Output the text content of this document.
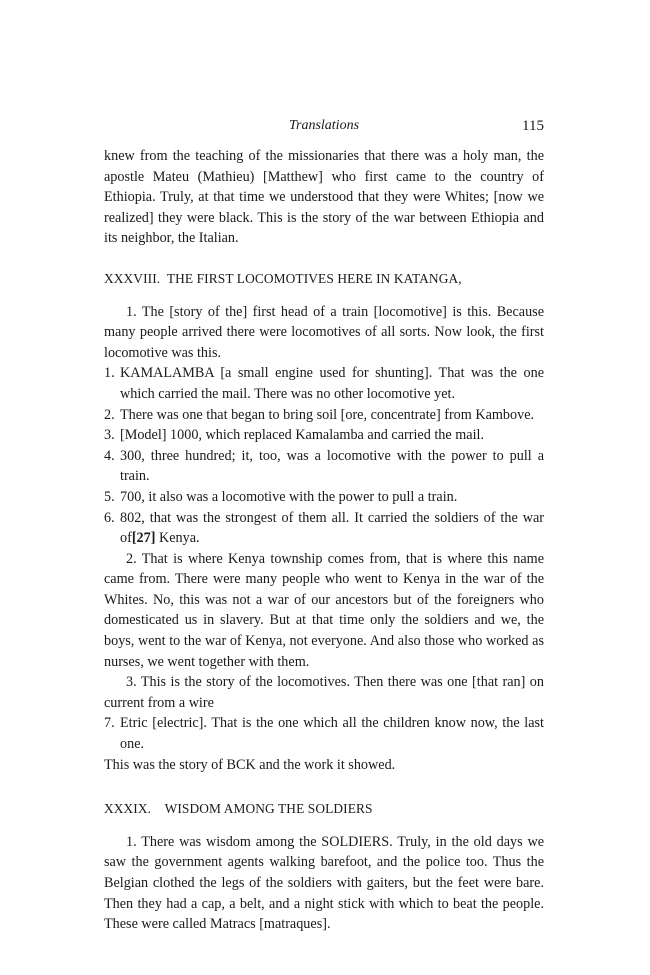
Translations	115

knew from the teaching of the missionaries that there was a holy man, the apostle Mateu (Mathieu) [Matthew] who first came to the country of Ethiopia. Truly, at that time we understood that they were Whites; [now we realized] they were black. This is the story of the war between Ethiopia and its neighbor, the Italian.

XXXVIII.  THE FIRST LOCOMOTIVES HERE IN KATANGA,

1. The [story of the] first head of a train [locomotive] is this. Because many people arrived there were locomotives of all sorts. Now look, the first locomotive was this.

1. KAMALAMBA [a small engine used for shunting]. That was the one which carried the mail. There was no other locomotive yet.

2. There was one that began to bring soil [ore, concentrate] from Kambove.

3. [Model] 1000, which replaced Kamalamba and carried the mail.

4. 300, three hundred; it, too, was a locomotive with the power to pull a train.

5. 700, it also was a locomotive with the power to pull a train.

6. 802, that was the strongest of them all. It carried the soldiers of the war of[27] Kenya.

2. That is where Kenya township comes from, that is where this name came from. There were many people who went to Kenya in the war of the Whites. No, this was not a war of our ancestors but of the foreigners who domesticated us in slavery. But at that time only the soldiers and we, the boys, went to the war of Kenya, not everyone. And also those who worked as nurses, we went together with them.

3. This is the story of the locomotives. Then there was one [that ran] on current from a wire

7. Etric [electric]. That is the one which all the children know now, the last one.

This was the story of BCK and the work it showed.

XXXIX.    WISDOM AMONG THE SOLDIERS

1. There was wisdom among the SOLDIERS. Truly, in the old days we saw the government agents walking barefoot, and the police too. Thus the Belgian clothed the legs of the soldiers with gaiters, but the feet were bare. Then they had a cap, a belt, and a night stick with which to beat the people. These were called Matracs [matraques].
